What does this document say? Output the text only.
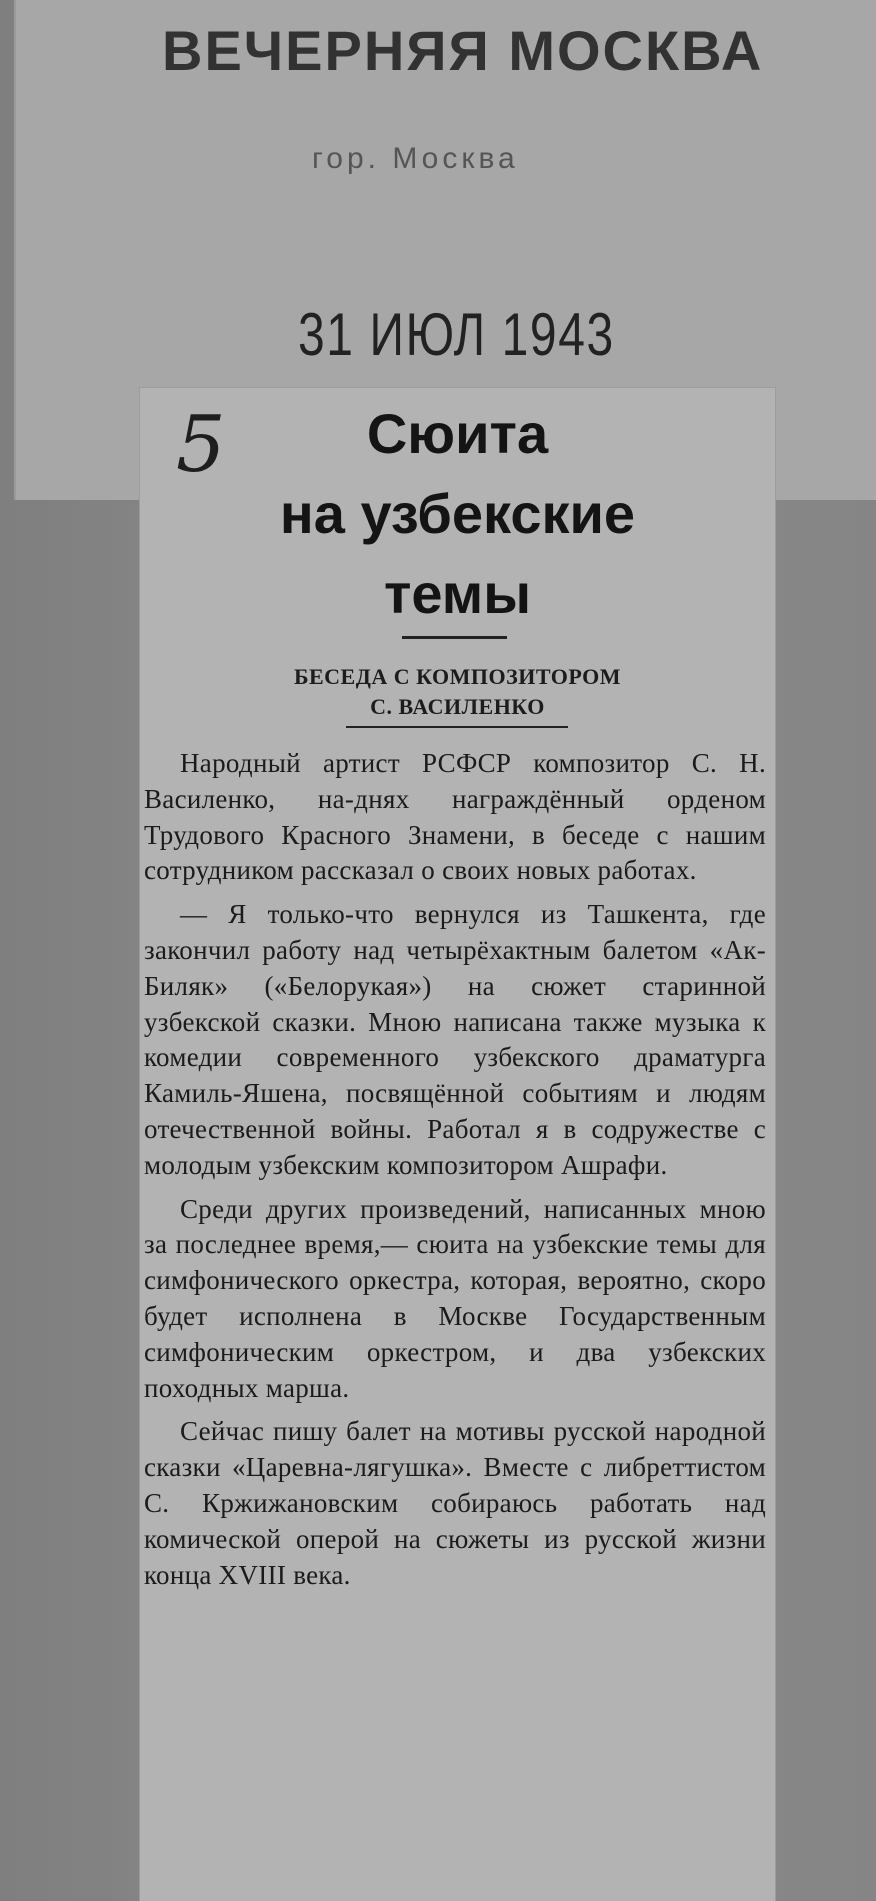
ВЕЧЕРНЯЯ МОСКВА
гор. Москва
31 ИЮЛ 1943
5	Сюита
на узбекские
темы
БЕСЕДА С КОМПОЗИТОРОМ
С. ВАСИЛЕНКО

Народный артист РСФСР композитор С. Н. Василенко, на-днях награждённый орденом Трудового Красного Знамени, в беседе с нашим сотрудником рассказал о своих новых работах.

— Я только-что вернулся из Ташкента, где закончил работу над четырёхактным балетом «Ак-Биляк» («Белорукая») на сюжет старинной узбекской сказки. Мною написана также музыка к комедии современного узбекского драматурга Камиль-Яшена, посвящённой событиям и людям отечественной войны. Работал я в содружестве с молодым узбекским композитором Ашрафи.

Среди других произведений, написанных мною за последнее время,— сюита на узбекские темы для симфонического оркестра, которая, вероятно, скоро будет исполнена в Москве Государственным симфоническим оркестром, и два узбекских походных марша.

Сейчас пишу балет на мотивы русской народной сказки «Царевна-лягушка». Вместе с либреттистом С. Кржижановским собираюсь работать над комической оперой на сюжеты из русской жизни конца XVIII века.
